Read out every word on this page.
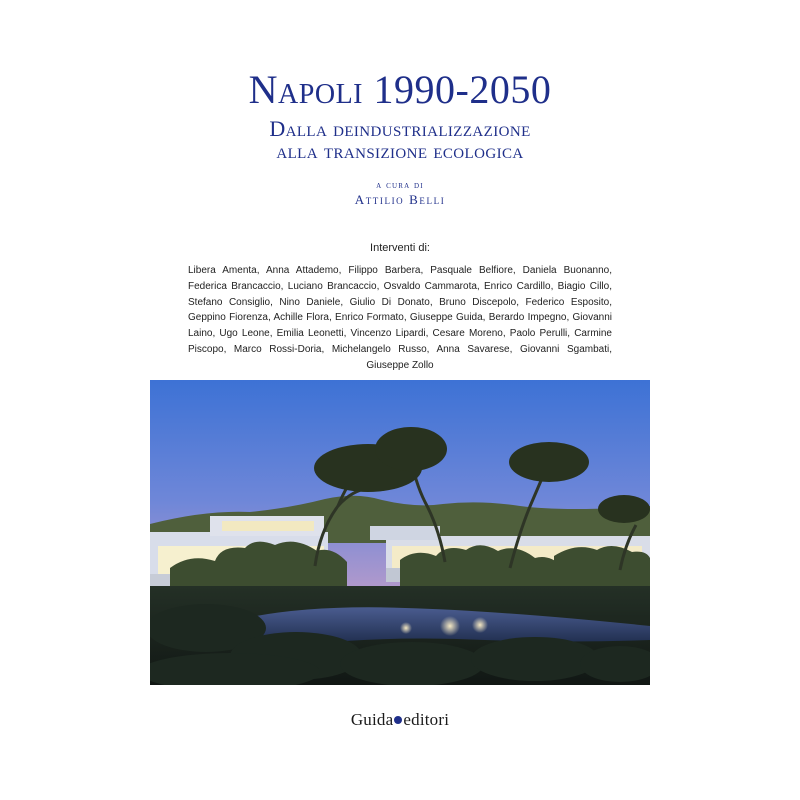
Napoli 1990-2050
Dalla deindustrializzazione
alla transizione ecologica
a cura di
Attilio Belli
Interventi di:

Libera Amenta, Anna Attademo, Filippo Barbera, Pasquale Belfiore, Daniela Buonanno, Federica Brancaccio, Luciano Brancaccio, Osvaldo Cammarota, Enrico Cardillo, Biagio Cillo, Stefano Consiglio, Nino Daniele, Giulio Di Donato, Bruno Discepolo, Federico Esposito, Geppino Fiorenza, Achille Flora, Enrico Formato, Giuseppe Guida, Berardo Impegno, Giovanni Laino, Ugo Leone, Emilia Leonetti, Vincenzo Lipardi, Cesare Moreno, Paolo Perulli, Carmine Piscopo, Marco Rossi-Doria, Michelangelo Russo, Anna Savarese, Giovanni Sgambati, Giuseppe Zollo

Guida editori
